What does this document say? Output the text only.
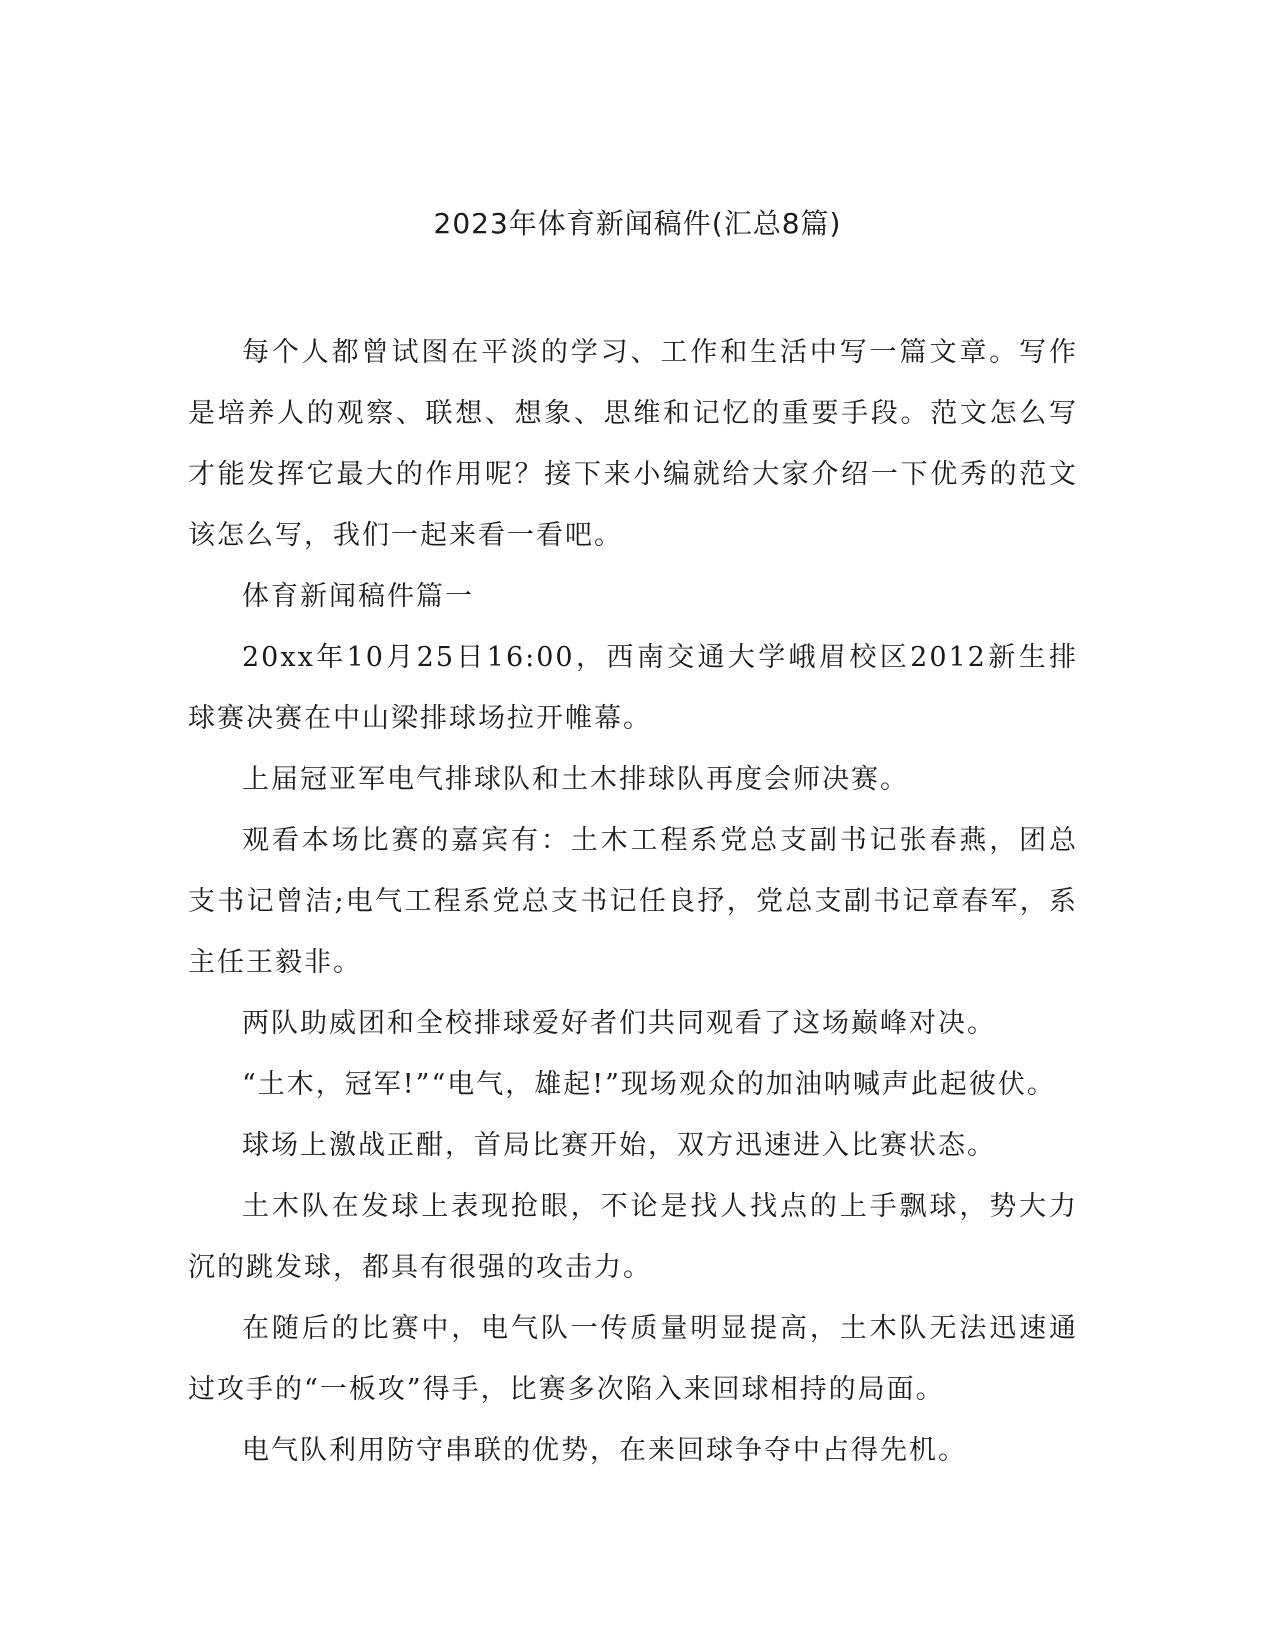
2023年体育新闻稿件(汇总8篇)

每个人都曾试图在平淡的学习、工作和生活中写一篇文章。写作是培养人的观察、联想、想象、思维和记忆的重要手段。范文怎么写才能发挥它最大的作用呢？接下来小编就给大家介绍一下优秀的范文该怎么写，我们一起来看一看吧。

体育新闻稿件篇一

20xx年10月25日16:00，西南交通大学峨眉校区2012新生排球赛决赛在中山梁排球场拉开帷幕。

上届冠亚军电气排球队和土木排球队再度会师决赛。

观看本场比赛的嘉宾有：土木工程系党总支副书记张春燕，团总支书记曾洁;电气工程系党总支书记任良抒，党总支副书记章春军，系主任王毅非。

两队助威团和全校排球爱好者们共同观看了这场巅峰对决。

“土木，冠军!”“电气，雄起!”现场观众的加油呐喊声此起彼伏。

球场上激战正酣，首局比赛开始，双方迅速进入比赛状态。

土木队在发球上表现抢眼，不论是找人找点的上手飘球，势大力沉的跳发球，都具有很强的攻击力。

在随后的比赛中，电气队一传质量明显提高，土木队无法迅速通过攻手的“一板攻”得手，比赛多次陷入来回球相持的局面。

电气队利用防守串联的优势，在来回球争夺中占得先机。
